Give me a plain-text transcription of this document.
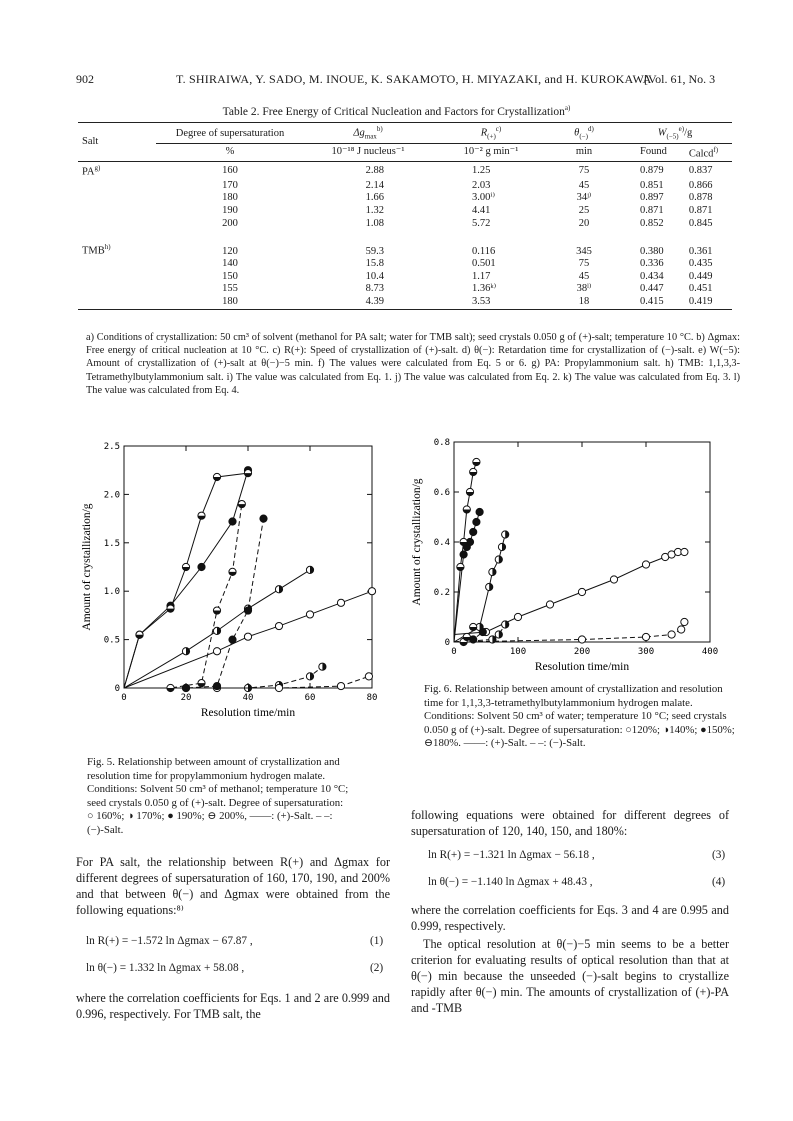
902	T. SHIRAIWA, Y. SADO, M. INOUE, K. SAKAMOTO, H. MIYAZAKI, and H. KUROKAWA
[Vol. 61, No. 3
Table 2. Free Energy of Critical Nucleation and Factors for Crystallization$^{a)}$
Salt	Degree of supersaturation	$\Delta g_{max}^{b)}$	$R_{(+)}^{c)}$	$\theta_{(-)}^{d)}$	$W_{(-5)}^{e)}/g$	
	%	10⁻¹⁸ J nucleus⁻¹	10⁻² g min⁻¹	min	Found	Calcd$^{f)}$
PA$^{g)}$	160	2.88	1.25	75	0.879	0.837
	170	2.14	2.03	45	0.851	0.866
	180	1.66	3.00ⁱ⁾	34ʲ⁾	0.897	0.878
	190	1.32	4.41	25	0.871	0.871
	200	1.08	5.72	20	0.852	0.845
TMB$^{h)}$	120	59.3	0.116	345	0.380	0.361
	140	15.8	0.501	75	0.336	0.435
	150	10.4	1.17	45	0.434	0.449
	155	8.73	1.36ᵏ⁾	38ˡ⁾	0.447	0.451
	180	4.39	3.53	18	0.415	0.419
a) Conditions of crystallization: 50 cm³ of solvent (methanol for PA salt; water for TMB salt); seed crystals 0.050 g of (+)-salt; temperature 10 °C. b) Δgmax: Free energy of critical nucleation at 10 °C. c) R(+): Speed of crystallization of (+)-salt. d) θ(−): Retardation time for crystallization of (−)-salt. e) W(−5): Amount of crystallization of (+)-salt at θ(−)−5 min. f) The values were calculated from Eq. 5 or 6. g) PA: Propylammonium salt. h) TMB: 1,1,3,3-Tetramethylbutylammonium salt. i) The value was calculated from Eq. 1. j) The value was calculated from Eq. 2. k) The value was calculated from Eq. 3. l) The value was calculated from Eq. 4.
0
0.5
1.0
1.5
2.0
2.5
0	20	40	60	80
Resolution time/min
Amount of crystallization/g
0
0.2
0.4
0.6
0.8
0	100	200	300	400
Resolution time/min
Amount of crystallization/g
Fig. 5. Relationship between amount of crystallization and resolution time for propylammonium hydrogen malate.
Conditions: Solvent 50 cm³ of methanol; temperature 10 °C; seed crystals 0.050 g of (+)-salt. Degree of supersaturation: ○ 160%; ◑ 170%; ● 190%; ⊖ 200%, ——: (+)-Salt. – –: (−)-Salt.
Fig. 6. Relationship between amount of crystallization and resolution time for 1,1,3,3-tetramethylbutylammonium hydrogen malate.
Conditions: Solvent 50 cm³ of water; temperature 10 °C; seed crystals 0.050 g of (+)-salt. Degree of supersaturation: ○120%; ◑140%; ●150%; ⊖180%. ——: (+)-Salt. – –: (−)-Salt.
For PA salt, the relationship between R(+) and Δgmax for different degrees of supersaturation of 160, 170, 190, and 200% and that between θ(−) and Δgmax were obtained from the following equations:⁸⁾
ln R(+) = −1.572 ln Δgmax − 67.87 ,	(1)
ln θ(−) = 1.332 ln Δgmax + 58.08 ,	(2)
where the correlation coefficients for Eqs. 1 and 2 are 0.999 and 0.996, respectively. For TMB salt, the
following equations were obtained for different degrees of supersaturation of 120, 140, 150, and 180%:
ln R(+) = −1.321 ln Δgmax − 56.18 ,	(3)
ln θ(−) = −1.140 ln Δgmax + 48.43 ,	(4)
where the correlation coefficients for Eqs. 3 and 4 are 0.995 and 0.999, respectively.
The optical resolution at θ(−)−5 min seems to be a better criterion for evaluating results of optical resolution than that at θ(−) min because the unseeded (−)-salt begins to crystallize rapidly after θ(−) min. The amounts of crystallization of (+)-PA and -TMB
